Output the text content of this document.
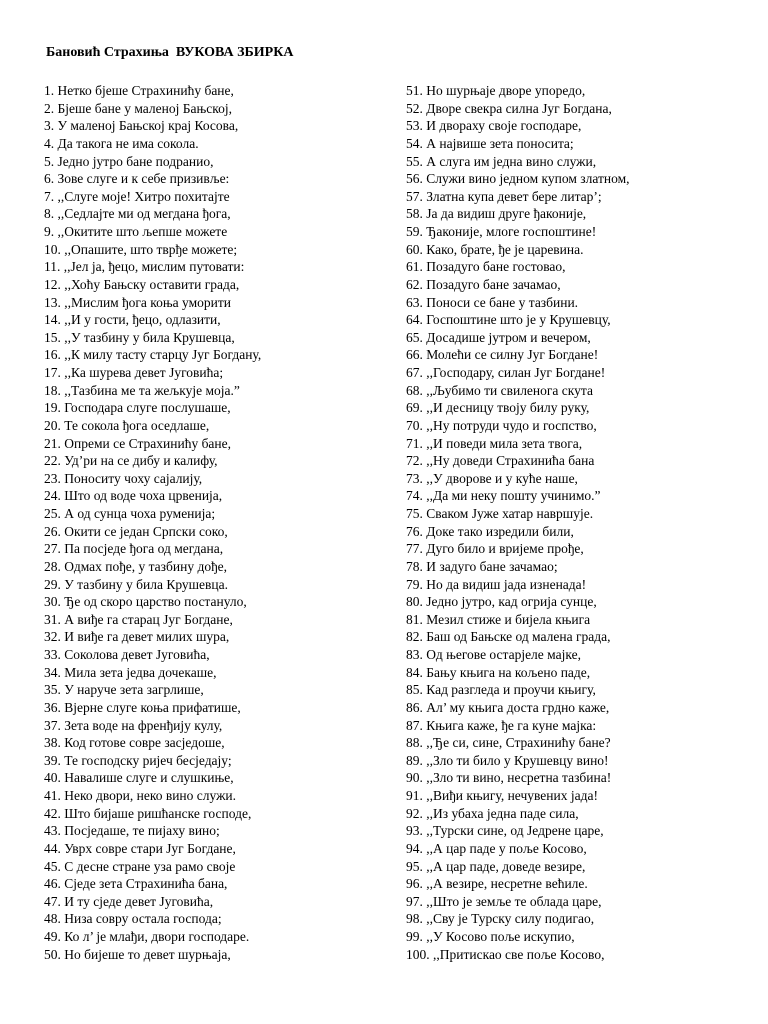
Бановић Страхиња  ВУКОВА ЗБИРКА
1. Нетко бјеше Страхинићу бане,
2. Бјеше бане у маленој Бањској,
3. У маленој Бањској крај Косова,
4. Да такога не има сокола.
5. Једно јутро бане подранио,
6. Зове слуге и к себе призивље:
7. ,,Слуге моје! Хитро похитајте
8. ,,Седлајте ми од мегдана ђога,
9. ,,Окитите што љепше можете
10. ,,Опашите, што тврђе можете;
11. ,,Јел ја, ђецо, мислим путовати:
12. ,,Хоћу Бањску оставити града,
13. ,,Мислим ђога коња уморити
14. ,,И у гости, ђецо, одлазити,
15. ,,У тазбину у била Крушевца,
16. ,,К милу тасту старцу Југ Богдану,
17. ,,Ка шурева девет Југовића;
18. ,,Тазбина ме та жељкује моја.”
19. Господара слуге послушаше,
20. Те сокола ђога оседлаше,
21. Опреми се Страхинићу бане,
22. Уд’ри на се дибу и калифу,
23. Поноситу чоху сајалију,
24. Што од воде чоха црвенија,
25. А од сунца чоха руменија;
26. Окити се један Српски соко,
27. Па посједе ђога од мегдана,
28. Одмах пође, у тазбину дође,
29. У тазбину у била Крушевца.
30. Ђе од скоро царство постануло,
31. А виђе га старац Југ Богдане,
32. И виђе га девет милих шура,
33. Соколова девет Југовића,
34. Мила зета једва дочекаше,
35. У наруче зета загрлише,
36. Вјерне слуге коња прифатише,
37. Зета воде на френђију кулу,
38. Код готове совре засједоше,
39. Те господску ријеч бесједају;
40. Навалише слуге и слушкиње,
41. Неко двори, неко вино служи.
42. Што бијаше ришћанске господе,
43. Посједаше, те пијаху вино;
44. Уврх совре стари Југ Богдане,
45. С десне стране уза рамо своје
46. Сједе зета Страхинића бана,
47. И ту сједе девет Југовића,
48. Низа совру остала господа;
49. Ко л’ је млађи, двори господаре.
50. Но бијеше то девет шурњаја,
51. Но шурњаје дворе упоредо,
52. Дворе свекра силна Југ Богдана,
53. И двораху своје господаре,
54. А највише зета поноситa;
55. А слуга им једна вино служи,
56. Служи вино једном купом златном,
57. Златна купа девет бере литар’;
58. Ја да видиш друге ђаконије,
59. Ђаконије, млоге госпоштине!
60. Како, брате, ђе је царевина.
61. Позадуго бане гостовао,
62. Позадуго бане зачамао,
63. Поноси се бане у тазбини.
64. Госпоштине што је у Крушевцу,
65. Досадише јутром и вечером,
66. Молећи се силну Југ Богдане!
67. ,,Господару, силан Југ Богдане!
68. ,,Љубимо ти свиленога скута
69. ,,И десницу твоју билу руку,
70. ,,Ну потруди чудо и госпство,
71. ,,И поведи мила зета твога,
72. ,,Ну доведи Страхинића бана
73. ,,У дворове и у куће наше,
74. ,,Да ми неку пошту учинимо.”
75. Сваком Јуже хатар навршује.
76. Доке тако изредили били,
77. Дуго било и вријеме прође,
78. И задуго бане зачамао;
79. Но да видиш јада изненада!
80. Једно јутро, кад огрија сунце,
81. Мезил стиже и бијела књига
82. Баш од Бањске од малена града,
83. Од његове остарјеле мајке,
84. Бању књига на кољено паде,
85. Кад разгледа и проучи књигу,
86. Ал’ му књига доста грдно каже,
87. Књига каже, ђе га куне мајка:
88. ,,Ђе си, сине, Страхинићу бане?
89. ,,Зло ти било у Крушевцу вино!
90. ,,Зло ти вино, несретна тазбина!
91. ,,Виђи књигу, нечувених јада!
92. ,,Из убаха једна паде сила,
93. ,,Турски сине, од Једрене царе,
94. ,,А цар паде у поље Косово,
95. ,,А цар паде, доведе везире,
96. ,,А везире, несретне већиле.
97. ,,Што је земље те облада царе,
98. ,,Сву је Турску силу подигао,
99. ,,У Косово поље искупио,
100. ,,Притискао све поље Косово,
